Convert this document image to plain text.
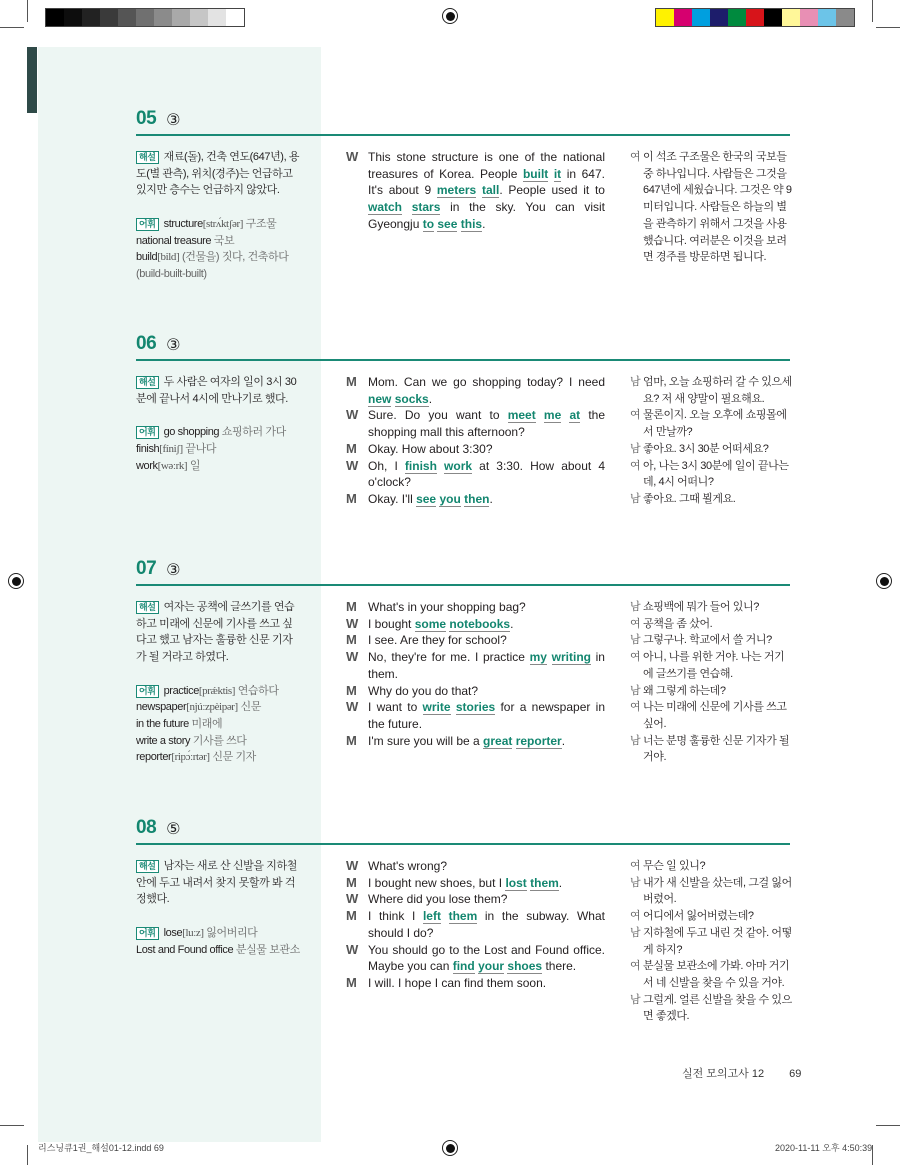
05 ③
해설 재료(돌), 건축 연도(647년), 용도(별 관측), 위치(경주)는 언급하고 있지만 층수는 언급하지 않았다.
어휘 structure[strʌ́ktʃər] 구조물
national treasure 국보
build[bild] (건물을) 짓다, 건축하다
(build-built-built)
W This stone structure is one of the national treasures of Korea. People built it in 647. It's about 9 meters tall. People used it to watch stars in the sky. You can visit Gyeongju to see this.
여 이 석조 구조물은 한국의 국보들 중 하나입니다. 사람들은 그것을 647년에 세웠습니다. 그것은 약 9미터입니다. 사람들은 하늘의 별을 관측하기 위해서 그것을 사용했습니다. 여러분은 이것을 보려면 경주를 방문하면 됩니다.
06 ③
해설 두 사람은 여자의 일이 3시 30분에 끝나서 4시에 만나기로 했다.
어휘 go shopping 쇼핑하러 가다
finish[fíniʃ] 끝나다
work[wəːrk] 일
M Mom. Can we go shopping today? I need new socks.
W Sure. Do you want to meet me at the shopping mall this afternoon?
M Okay. How about 3:30?
W Oh, I finish work at 3:30. How about 4 o'clock?
M Okay. I'll see you then.
남 엄마, 오늘 쇼핑하러 갈 수 있으세요? 저 새 양말이 필요해요.
여 물론이지. 오늘 오후에 쇼핑몰에서 만날까?
남 좋아요. 3시 30분 어떠세요?
여 아, 나는 3시 30분에 일이 끝나는데, 4시 어떠니?
남 좋아요. 그때 뵐게요.
07 ③
해설 여자는 공책에 글쓰기를 연습하고 미래에 신문에 기사를 쓰고 싶다고 했고 남자는 훌륭한 신문 기자가 될 거라고 하였다.
어휘 practice[prǽktis] 연습하다
newspaper[njúːzpèipər] 신문
in the future 미래에
write a story 기사를 쓰다
reporter[ripɔ́ːrtər] 신문 기자
M What's in your shopping bag?
W I bought some notebooks.
M I see. Are they for school?
W No, they're for me. I practice my writing in them.
M Why do you do that?
W I want to write stories for a newspaper in the future.
M I'm sure you will be a great reporter.
남 쇼핑백에 뭐가 들어 있니?
여 공책을 좀 샀어.
남 그렇구나. 학교에서 쓸 거니?
여 아니, 나를 위한 거야. 나는 거기에 글쓰기를 연습해.
남 왜 그렇게 하는데?
여 나는 미래에 신문에 기사를 쓰고 싶어.
남 너는 분명 훌륭한 신문 기자가 될 거야.
08 ⑤
해설 남자는 새로 산 신발을 지하철 안에 두고 내려서 찾지 못할까 봐 걱정했다.
어휘 lose[luːz] 잃어버리다
Lost and Found office 분실물 보관소
W What's wrong?
M I bought new shoes, but I lost them.
W Where did you lose them?
M I think I left them in the subway. What should I do?
W You should go to the Lost and Found office. Maybe you can find your shoes there.
M I will. I hope I can find them soon.
여 무슨 일 있니?
남 내가 새 신발을 샀는데, 그걸 잃어버렸어.
여 어디에서 잃어버렸는데?
남 지하철에 두고 내린 것 같아. 어떻게 하지?
여 분실물 보관소에 가봐. 아마 거기서 네 신발을 찾을 수 있을 거야.
남 그럴게. 얼른 신발을 찾을 수 있으면 좋겠다.
실전 모의고사 12 69
리스닝큐1권_해설01-12.indd 69	2020-11-11 오후 4:50:39
